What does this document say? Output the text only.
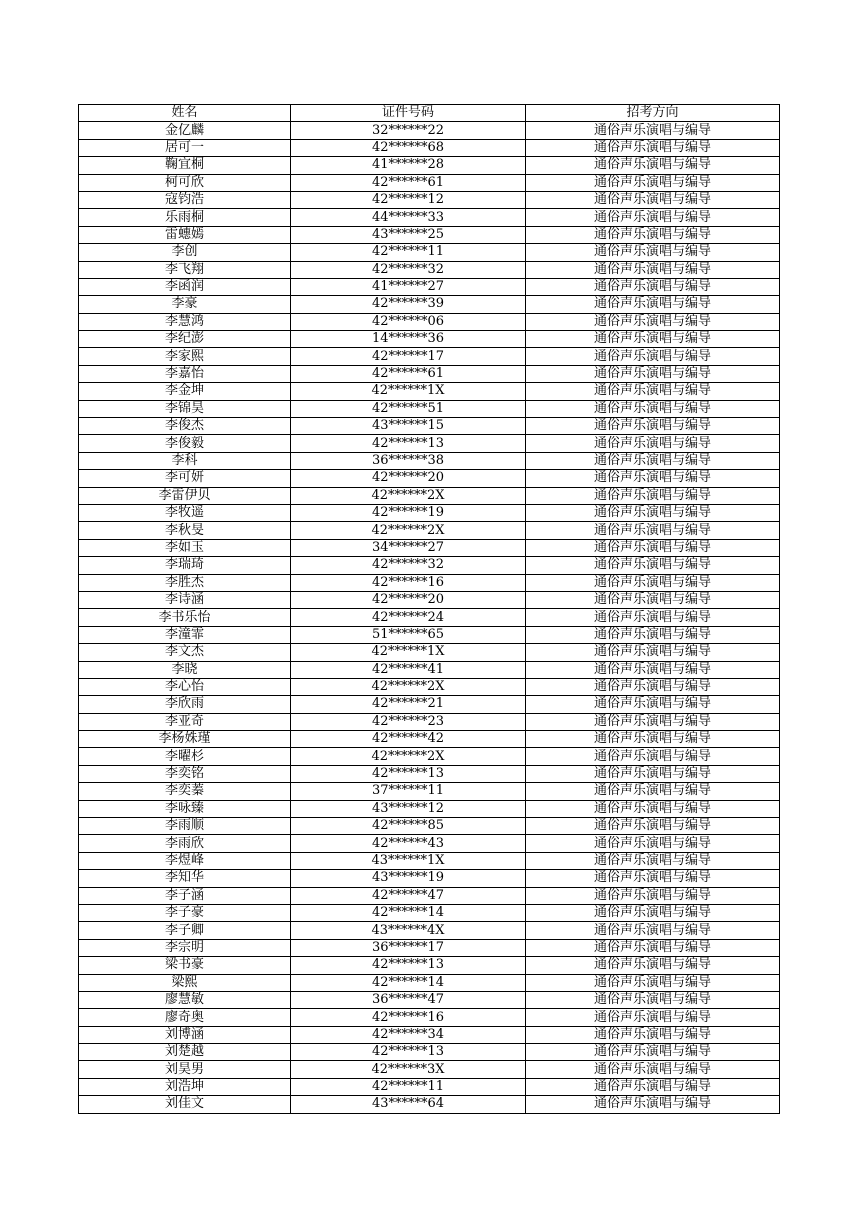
姓名	证件号码	招考方向
金亿麟	32******22	通俗声乐演唱与编导
居可一	42******68	通俗声乐演唱与编导
鞠宜桐	41******28	通俗声乐演唱与编导
柯可欣	42******61	通俗声乐演唱与编导
寇钧浩	42******12	通俗声乐演唱与编导
乐雨桐	44******33	通俗声乐演唱与编导
雷蟪嫣	43******25	通俗声乐演唱与编导
李创	42******11	通俗声乐演唱与编导
李飞翔	42******32	通俗声乐演唱与编导
李函润	41******27	通俗声乐演唱与编导
李豪	42******39	通俗声乐演唱与编导
李慧鸿	42******06	通俗声乐演唱与编导
李纪澎	14******36	通俗声乐演唱与编导
李家熙	42******17	通俗声乐演唱与编导
李嘉怡	42******61	通俗声乐演唱与编导
李金坤	42******1X	通俗声乐演唱与编导
李锦昊	42******51	通俗声乐演唱与编导
李俊杰	43******15	通俗声乐演唱与编导
李俊毅	42******13	通俗声乐演唱与编导
李科	36******38	通俗声乐演唱与编导
李可妍	42******20	通俗声乐演唱与编导
李雷伊贝	42******2X	通俗声乐演唱与编导
李牧遥	42******19	通俗声乐演唱与编导
李秋旻	42******2X	通俗声乐演唱与编导
李如玉	34******27	通俗声乐演唱与编导
李瑞琦	42******32	通俗声乐演唱与编导
李胜杰	42******16	通俗声乐演唱与编导
李诗涵	42******20	通俗声乐演唱与编导
李书乐怡	42******24	通俗声乐演唱与编导
李潼霏	51******65	通俗声乐演唱与编导
李文杰	42******1X	通俗声乐演唱与编导
李晓	42******41	通俗声乐演唱与编导
李心怡	42******2X	通俗声乐演唱与编导
李欣雨	42******21	通俗声乐演唱与编导
李亚奇	42******23	通俗声乐演唱与编导
李杨姝瑾	42******42	通俗声乐演唱与编导
李曜杉	42******2X	通俗声乐演唱与编导
李奕铭	42******13	通俗声乐演唱与编导
李奕蓁	37******11	通俗声乐演唱与编导
李咏臻	43******12	通俗声乐演唱与编导
李雨顺	42******85	通俗声乐演唱与编导
李雨欣	42******43	通俗声乐演唱与编导
李煜峰	43******1X	通俗声乐演唱与编导
李知华	43******19	通俗声乐演唱与编导
李子涵	42******47	通俗声乐演唱与编导
李子豪	42******14	通俗声乐演唱与编导
李子卿	43******4X	通俗声乐演唱与编导
李宗明	36******17	通俗声乐演唱与编导
梁书豪	42******13	通俗声乐演唱与编导
梁熙	42******14	通俗声乐演唱与编导
廖慧敏	36******47	通俗声乐演唱与编导
廖奇奥	42******16	通俗声乐演唱与编导
刘博涵	42******34	通俗声乐演唱与编导
刘楚越	42******13	通俗声乐演唱与编导
刘昊男	42******3X	通俗声乐演唱与编导
刘浩坤	42******11	通俗声乐演唱与编导
刘佳文	43******64	通俗声乐演唱与编导
